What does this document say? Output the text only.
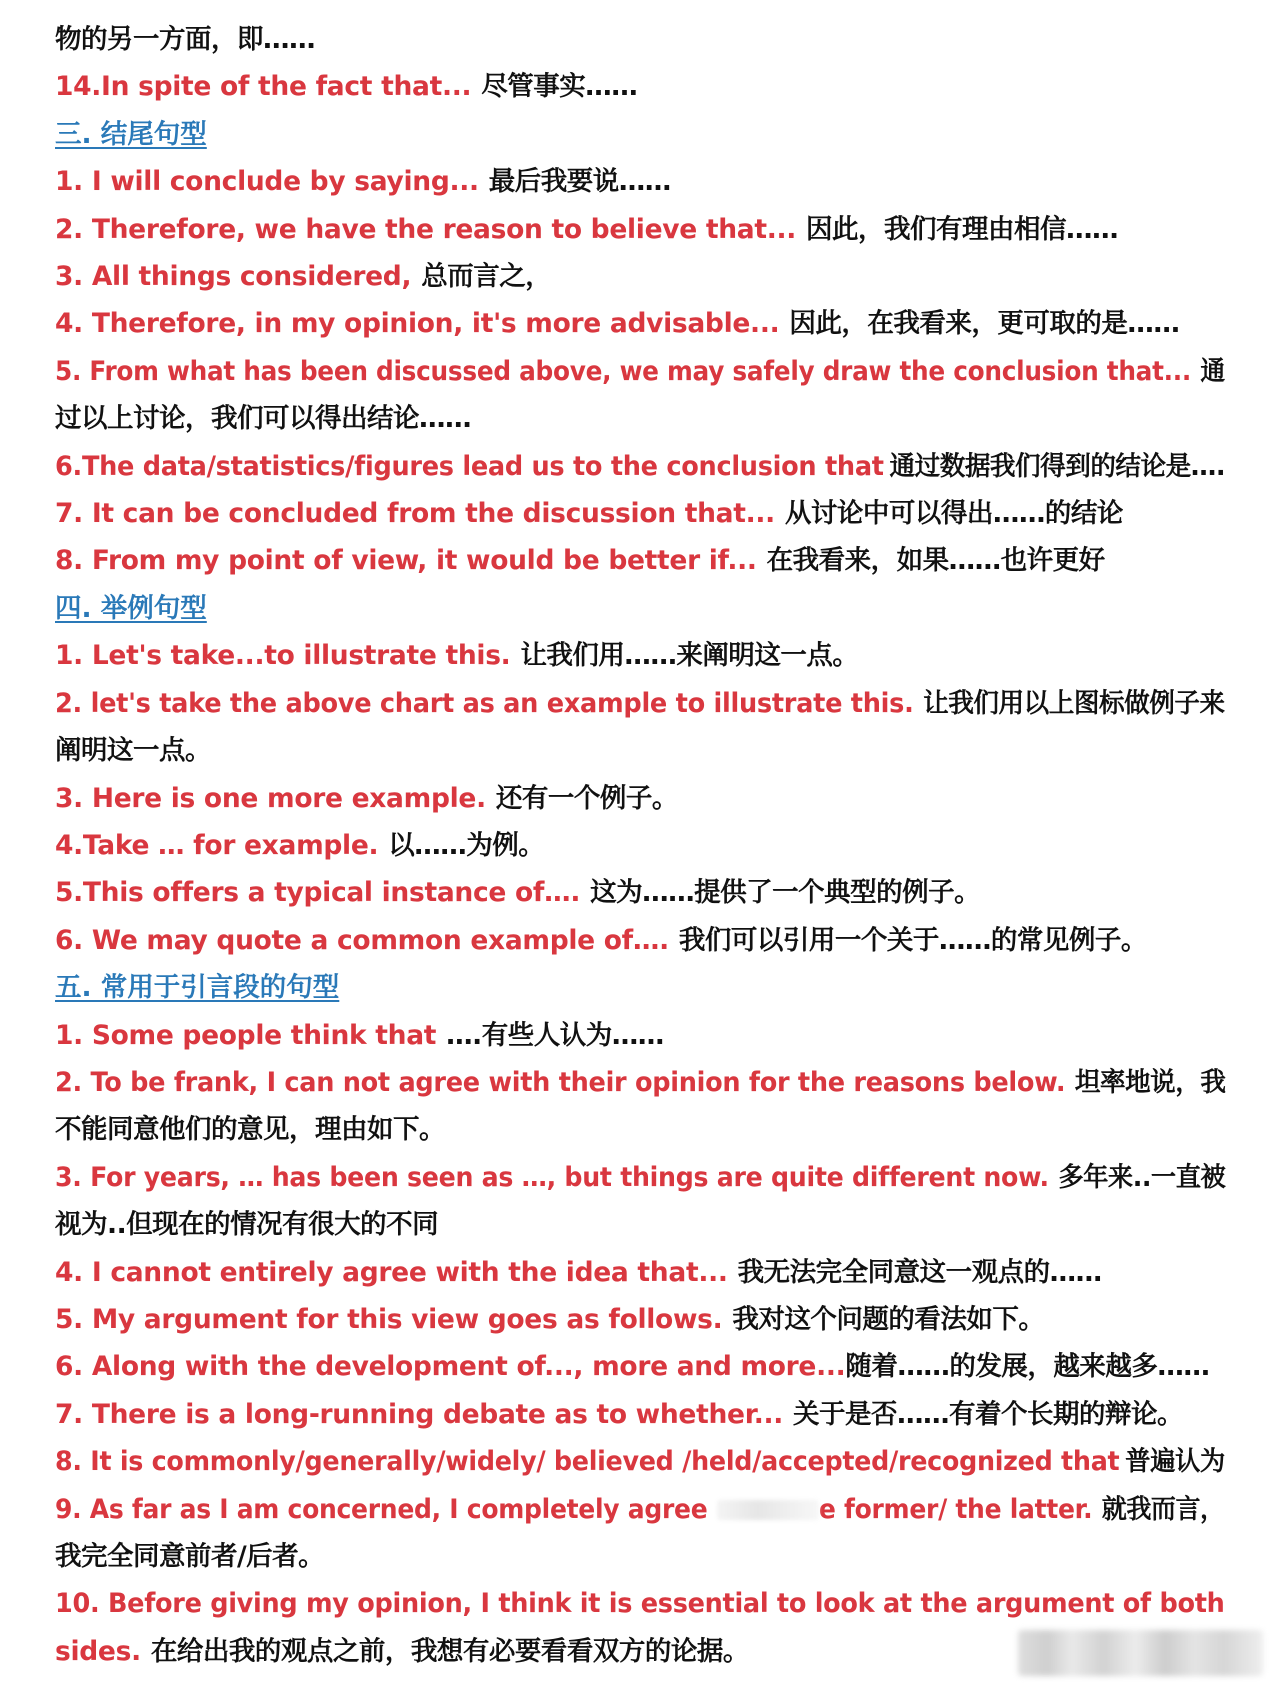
物的另一方面，即……

14.In spite of the fact that... 尽管事实……

三. 结尾句型

1. I will conclude by saying... 最后我要说……

2. Therefore, we have the reason to believe that... 因此，我们有理由相信……

3. All things considered, 总而言之，

4. Therefore, in my opinion, it's more advisable... 因此，在我看来，更可取的是……

5. From what has been discussed above, we may safely draw the conclusion that... 通

过以上讨论，我们可以得出结论……

6.The data/statistics/figures lead us to the conclusion that 通过数据我们得到的结论是….

7. It can be concluded from the discussion that... 从讨论中可以得出……的结论

8. From my point of view, it would be better if... 在我看来，如果……也许更好

四. 举例句型

1. Let's take...to illustrate this. 让我们用……来阐明这一点。

2. let's take the above chart as an example to illustrate this. 让我们用以上图标做例子来

阐明这一点。

3. Here is one more example. 还有一个例子。

4.Take … for example. 以……为例。

5.This offers a typical instance of…. 这为……提供了一个典型的例子。

6. We may quote a common example of…. 我们可以引用一个关于……的常见例子。

五. 常用于引言段的句型

1. Some people think that ….有些人认为……

2. To be frank, I can not agree with their opinion for the reasons below. 坦率地说，我

不能同意他们的意见，理由如下。

3. For years, … has been seen as …, but things are quite different now. 多年来..一直被

视为..但现在的情况有很大的不同

4. I cannot entirely agree with the idea that... 我无法完全同意这一观点的……

5. My argument for this view goes as follows. 我对这个问题的看法如下。

6. Along with the development of..., more and more...随着……的发展，越来越多……

7. There is a long-running debate as to whether... 关于是否……有着个长期的辩论。

8. It is commonly/generally/widely/ believed /held/accepted/recognized that 普遍认为

9. As far as I am concerned, I completely agree	e former/ the latter. 就我而言，

我完全同意前者/后者。

10. Before giving my opinion, I think it is essential to look at the argument of both

sides. 在给出我的观点之前，我想有必要看看双方的论据。
